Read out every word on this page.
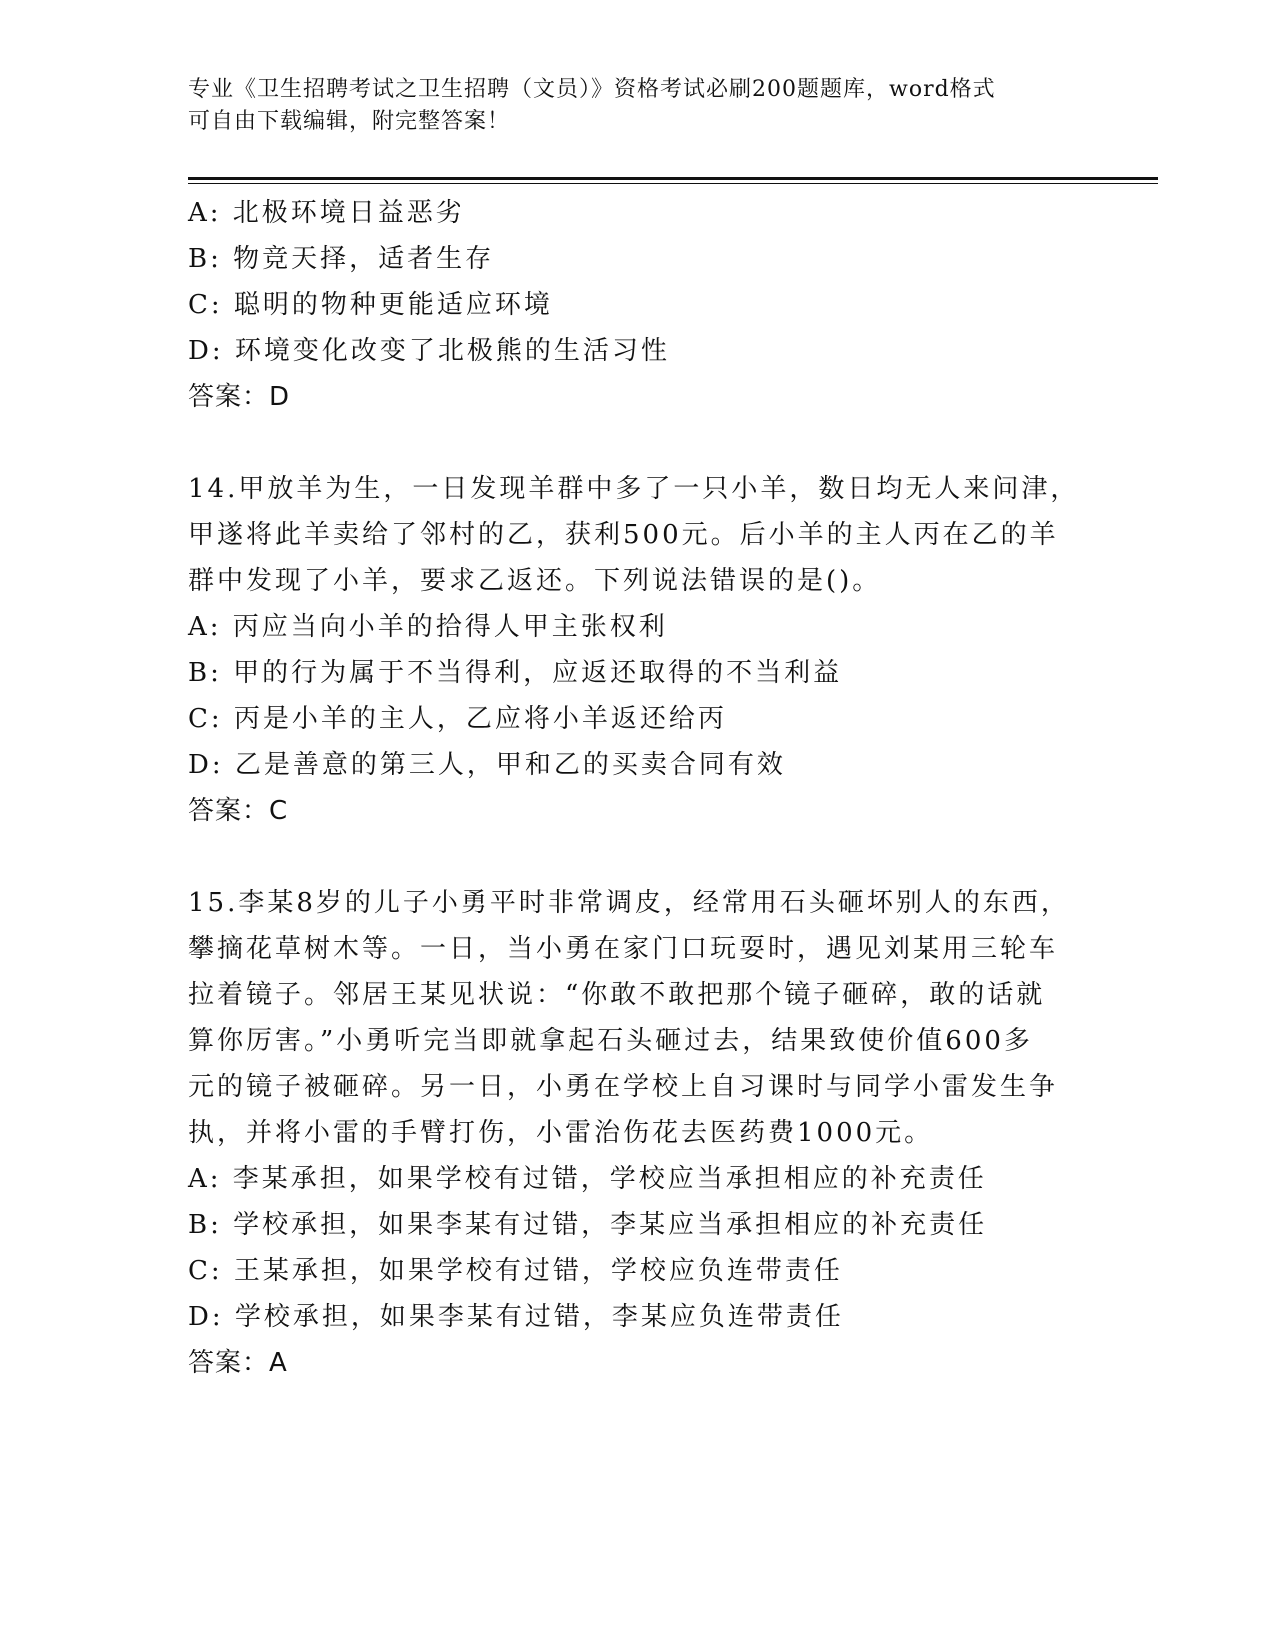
专业《卫生招聘考试之卫生招聘（文员）》资格考试必刷200题题库，word格式
可自由下载编辑，附完整答案！
A: 北极环境日益恶劣
B: 物竞天择，适者生存
C: 聪明的物种更能适应环境
D: 环境变化改变了北极熊的生活习性
答案：D
14.甲放羊为生，一日发现羊群中多了一只小羊，数日均无人来问津，
甲遂将此羊卖给了邻村的乙，获利500元。后小羊的主人丙在乙的羊
群中发现了小羊，要求乙返还。下列说法错误的是()。
A: 丙应当向小羊的拾得人甲主张权利
B: 甲的行为属于不当得利，应返还取得的不当利益
C: 丙是小羊的主人，乙应将小羊返还给丙
D: 乙是善意的第三人，甲和乙的买卖合同有效
答案：C
15.李某8岁的儿子小勇平时非常调皮，经常用石头砸坏别人的东西，
攀摘花草树木等。一日，当小勇在家门口玩耍时，遇见刘某用三轮车
拉着镜子。邻居王某见状说：“你敢不敢把那个镜子砸碎，敢的话就
算你厉害。”小勇听完当即就拿起石头砸过去，结果致使价值600多
元的镜子被砸碎。另一日，小勇在学校上自习课时与同学小雷发生争
执，并将小雷的手臂打伤，小雷治伤花去医药费1000元。
A: 李某承担，如果学校有过错，学校应当承担相应的补充责任
B: 学校承担，如果李某有过错，李某应当承担相应的补充责任
C: 王某承担，如果学校有过错，学校应负连带责任
D: 学校承担，如果李某有过错，李某应负连带责任
答案：A
